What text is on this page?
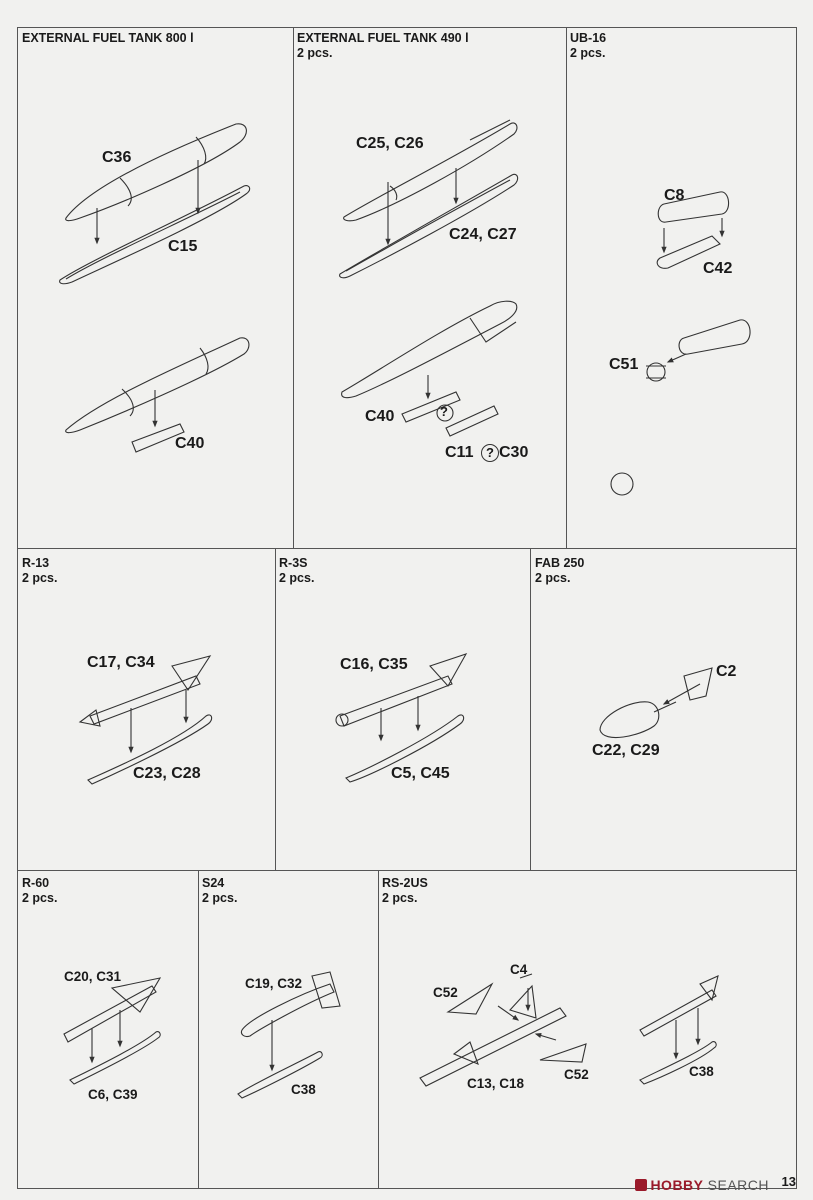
EXTERNAL FUEL TANK 800 l
C36
C15
C40
EXTERNAL FUEL TANK 490 l
2 pcs.
C25, C26
C24, C27
C40	?
C11 ? C30
UB-16
2 pcs.
C8
C42
C51
R-13
2 pcs.
C17, C34
C23, C28
R-3S
2 pcs.
C16, C35
C5, C45
FAB 250
2 pcs.
C2
C22, C29
R-60
2 pcs.
C20, C31
C6, C39
S24
2 pcs.
C19, C32
C38
RS-2US
2 pcs.
C4
C52
C52
C13, C18
C38
HOBBY SEARCH 13
